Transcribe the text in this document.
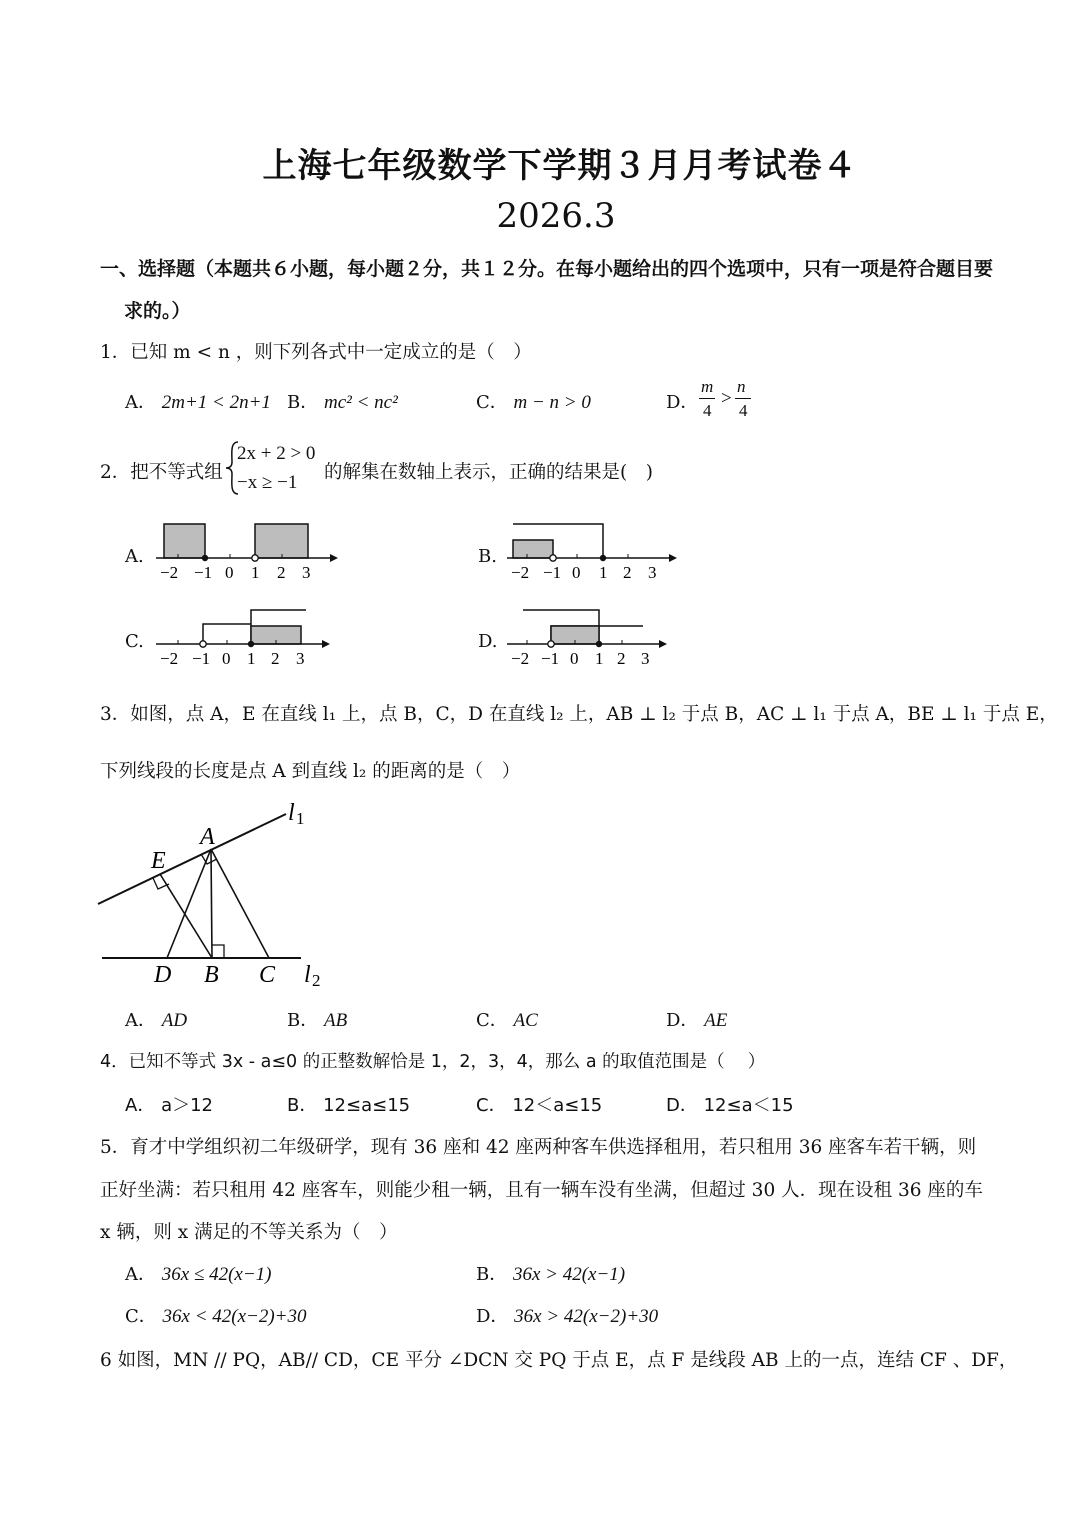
上海七年级数学下学期３月月考试卷４
2026.3
一、选择题（本题共６小题，每小题２分，共１２分。在每小题给出的四个选项中，只有一项是符合题目要
求的。）
1．已知 m < n ，则下列各式中一定成立的是（　）
A． 2m+1 < 2n+1 B． mc² < nc²	C． m − n > 0	D．
m
4
>
n
4
2．把不等式组
2x + 2 > 0
−x ≥ −1 的解集在数轴上表示，正确的结果是(　)
A.
−2 −1 0 1 2 3
B.
−2 −1 0 1 2 3
C.
−2 −1 0 1 2 3
D.
−2 −1 0 1 2 3
3．如图，点 A，E 在直线 l₁ 上，点 B，C，D 在直线 l₂ 上，AB ⊥ l₂ 于点 B，AC ⊥ l₁ 于点 A，BE ⊥ l₁ 于点 E，
下列线段的长度是点 A 到直线 l₂ 的距离的是（　）
A
E
D B C
l 1
l 2
A． AD	B． AB	C． AC	D． AE
4．已知不等式 3x ‐ a≤0 的正整数解恰是 1，2，3，4，那么 a 的取值范围是（　 ）
A． a＞12	B． 12≤a≤15	C． 12＜a≤15	D． 12≤a＜15
5．育才中学组织初二年级研学，现有 36 座和 42 座两种客车供选择租用，若只租用 36 座客车若干辆，则
正好坐满：若只租用 42 座客车，则能少租一辆，且有一辆车没有坐满，但超过 30 人．现在设租 36 座的车
x 辆，则 x 满足的不等关系为（　）
A． 36x ≤ 42(x−1)	B． 36x > 42(x−1)
C． 36x < 42(x−2)+30	D． 36x > 42(x−2)+30
6 如图，MN // PQ，AB// CD，CE 平分 ∠DCN 交 PQ 于点 E，点 F 是线段 AB 上的一点，连结 CF 、DF，
